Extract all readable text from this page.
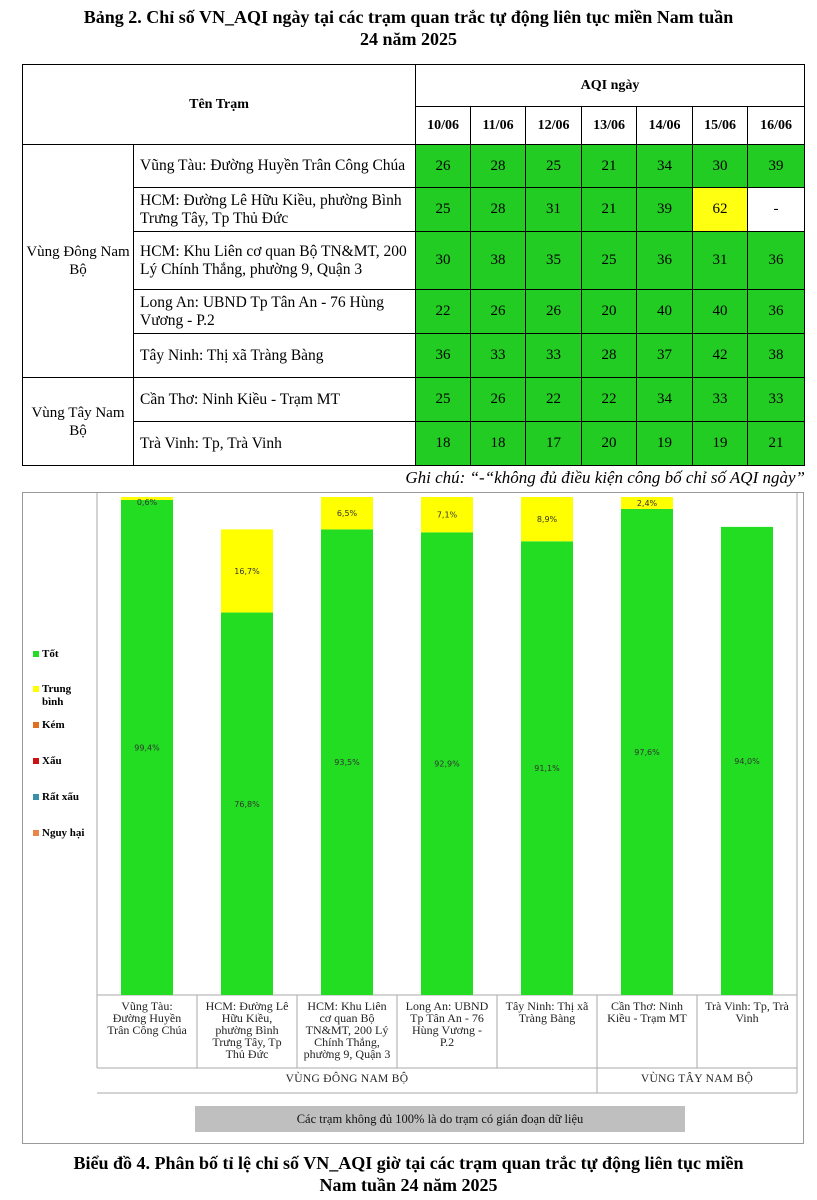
Bảng 2. Chỉ số VN_AQI ngày tại các trạm quan trắc tự động liên tục miền Nam tuần
24 năm 2025
Tên Trạm		AQI ngày						
		10/06	11/06	12/06	13/06	14/06	15/06	16/06
Vùng Đông Nam Bộ	Vũng Tàu: Đường Huyền Trân Công Chúa	26	28	25	21	34	30	39
	HCM: Đường Lê Hữu Kiều, phường Bình Trưng Tây, Tp Thủ Đức	25	28	31	21	39	62	-
	HCM: Khu Liên cơ quan Bộ TN&MT, 200 Lý Chính Thắng, phường 9, Quận 3	30	38	35	25	36	31	36
	Long An: UBND Tp Tân An - 76 Hùng Vương - P.2	22	26	26	20	40	40	36
	Tây Ninh: Thị xã Tràng Bàng	36	33	33	28	37	42	38
Vùng Tây Nam Bộ	Cần Thơ: Ninh Kiều - Trạm MT	25	26	22	22	34	33	33
	Trà Vinh: Tp, Trà Vinh	18	18	17	20	19	19	21
Ghi chú: “-“không đủ điều kiện công bố chỉ số AQI ngày”
99,4%
0,6%
76,8%
16,7%
93,5%
6,5%
92,9%
7,1%
91,1%
8,9%
97,6%
2,4%
94,0%
Tốt
Trung bình
Kém
Xấu
Rất xấu
Nguy hại
Vũng Tàu:
Đường Huyền
Trân Công Chúa
HCM: Đường Lê
Hữu Kiều,
phường Bình
Trưng Tây, Tp
Thủ Đức
HCM: Khu Liên
cơ quan Bộ
TN&MT, 200 Lý
Chính Thắng,
phường 9, Quận 3
Long An: UBND
Tp Tân An - 76
Hùng Vương -
P.2
Tây Ninh: Thị xã
Tràng Bàng
Cần Thơ: Ninh
Kiều - Trạm MT
Trà Vinh: Tp, Trà
Vinh
VÙNG ĐÔNG NAM BỘ	VÙNG TÂY NAM BỘ
Các trạm không đủ 100% là do trạm có gián đoạn dữ liệu
Biểu đồ 4. Phân bố tỉ lệ chỉ số VN_AQI giờ tại các trạm quan trắc tự động liên tục miền
Nam tuần 24 năm 2025
